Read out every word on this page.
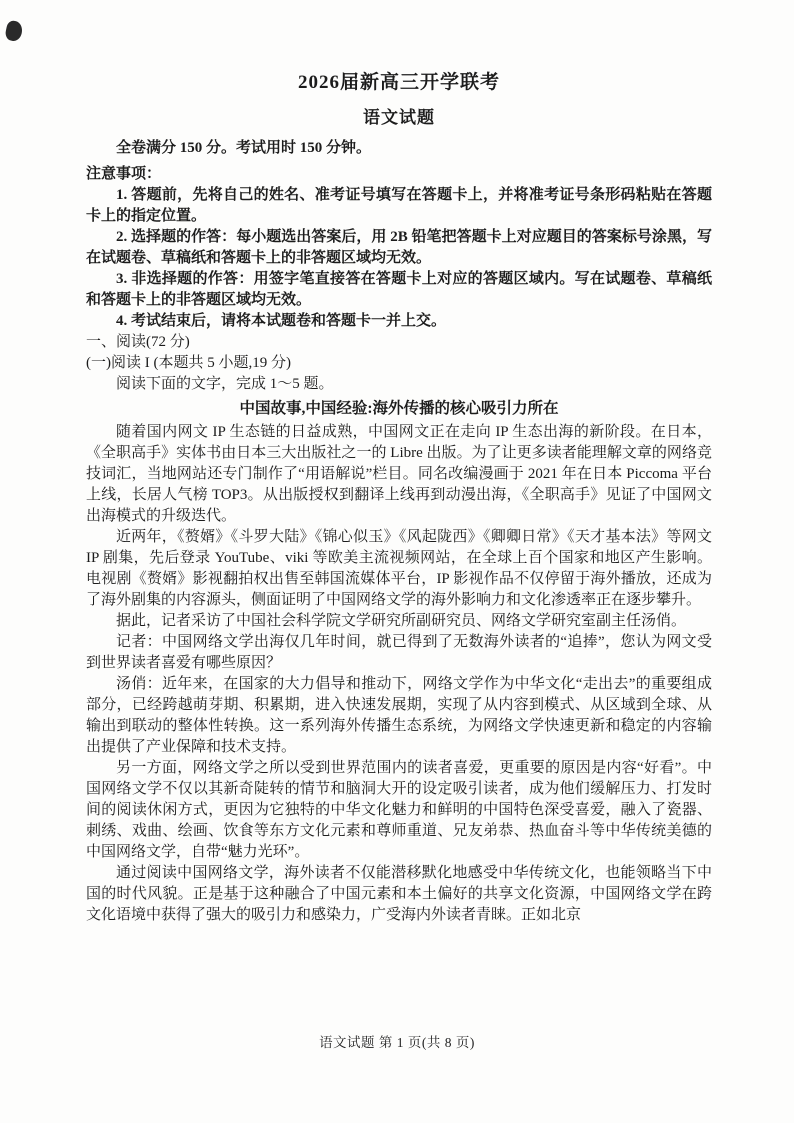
2026届新高三开学联考
语文试题

全卷满分 150 分。考试用时 150 分钟。

注意事项：

1. 答题前，先将自己的姓名、准考证号填写在答题卡上，并将准考证号条形码粘贴在答题卡上的指定位置。

2. 选择题的作答：每小题选出答案后，用 2B 铅笔把答题卡上对应题目的答案标号涂黑，写在试题卷、草稿纸和答题卡上的非答题区域均无效。

3. 非选择题的作答：用签字笔直接答在答题卡上对应的答题区域内。写在试题卷、草稿纸和答题卡上的非答题区域均无效。

4. 考试结束后，请将本试题卷和答题卡一并上交。

一、阅读(72 分)

(一)阅读 I (本题共 5 小题,19 分)

阅读下面的文字，完成 1～5 题。

中国故事,中国经验:海外传播的核心吸引力所在

随着国内网文 IP 生态链的日益成熟，中国网文正在走向 IP 生态出海的新阶段。在日本，《全职高手》实体书由日本三大出版社之一的 Libre 出版。为了让更多读者能理解文章的网络竞技词汇，当地网站还专门制作了“用语解说”栏目。同名改编漫画于 2021 年在日本 Piccoma 平台上线，长居人气榜 TOP3。从出版授权到翻译上线再到动漫出海，《全职高手》见证了中国网文出海模式的升级迭代。

近两年，《赘婿》《斗罗大陆》《锦心似玉》《风起陇西》《卿卿日常》《天才基本法》等网文 IP 剧集，先后登录 YouTube、viki 等欧美主流视频网站，在全球上百个国家和地区产生影响。电视剧《赘婿》影视翻拍权出售至韩国流媒体平台，IP 影视作品不仅停留于海外播放，还成为了海外剧集的内容源头，侧面证明了中国网络文学的海外影响力和文化渗透率正在逐步攀升。

据此，记者采访了中国社会科学院文学研究所副研究员、网络文学研究室副主任汤俏。

记者：中国网络文学出海仅几年时间，就已得到了无数海外读者的“追捧”，您认为网文受到世界读者喜爱有哪些原因？

汤俏：近年来，在国家的大力倡导和推动下，网络文学作为中华文化“走出去”的重要组成部分，已经跨越萌芽期、积累期，进入快速发展期，实现了从内容到模式、从区域到全球、从输出到联动的整体性转换。这一系列海外传播生态系统，为网络文学快速更新和稳定的内容输出提供了产业保障和技术支持。

另一方面，网络文学之所以受到世界范围内的读者喜爱，更重要的原因是内容“好看”。中国网络文学不仅以其新奇陡转的情节和脑洞大开的设定吸引读者，成为他们缓解压力、打发时间的阅读休闲方式，更因为它独特的中华文化魅力和鲜明的中国特色深受喜爱，融入了瓷器、刺绣、戏曲、绘画、饮食等东方文化元素和尊师重道、兄友弟恭、热血奋斗等中华传统美德的中国网络文学，自带“魅力光环”。

通过阅读中国网络文学，海外读者不仅能潜移默化地感受中华传统文化，也能领略当下中国的时代风貌。正是基于这种融合了中国元素和本土偏好的共享文化资源，中国网络文学在跨文化语境中获得了强大的吸引力和感染力，广受海内外读者青睐。正如北京

语文试题 第 1 页(共 8 页)
